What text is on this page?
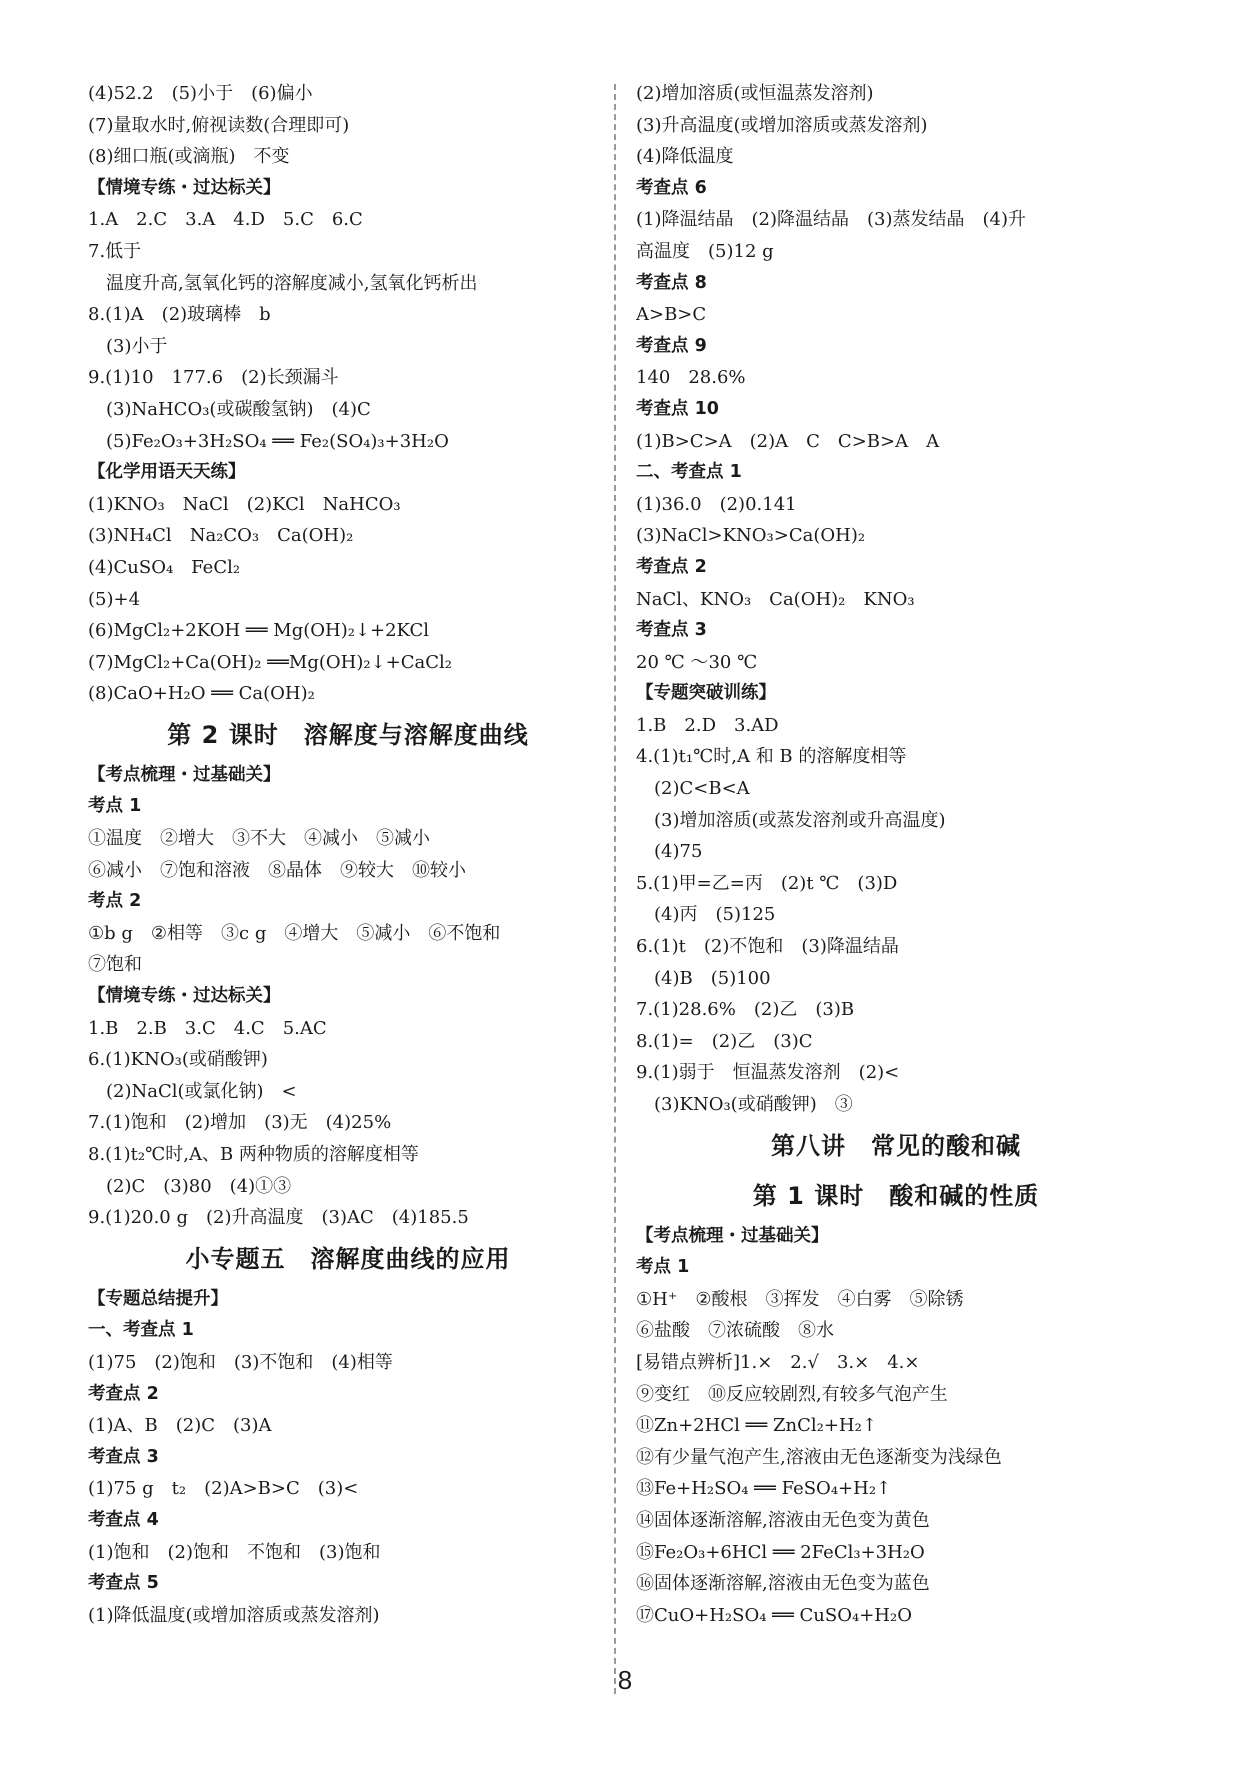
(4)52.2　(5)小于　(6)偏小
(7)量取水时,俯视读数(合理即可)
(8)细口瓶(或滴瓶)　不变
【情境专练・过达标关】
1.A　2.C　3.A　4.D　5.C　6.C
7.低于
温度升高,氢氧化钙的溶解度减小,氢氧化钙析出
8.(1)A　(2)玻璃棒　b
(3)小于
9.(1)10　177.6　(2)长颈漏斗
(3)NaHCO₃(或碳酸氢钠)　(4)C
(5)Fe₂O₃+3H₂SO₄ ══ Fe₂(SO₄)₃+3H₂O
【化学用语天天练】
(1)KNO₃　NaCl　(2)KCl　NaHCO₃
(3)NH₄Cl　Na₂CO₃　Ca(OH)₂
(4)CuSO₄　FeCl₂
(5)+4
(6)MgCl₂+2KOH ══ Mg(OH)₂↓+2KCl
(7)MgCl₂+Ca(OH)₂ ══Mg(OH)₂↓+CaCl₂
(8)CaO+H₂O ══ Ca(OH)₂
第 2 课时　溶解度与溶解度曲线
【考点梳理・过基础关】
考点 1
①温度　②增大　③不大　④减小　⑤减小
⑥减小　⑦饱和溶液　⑧晶体　⑨较大　⑩较小
考点 2
①b g　②相等　③c g　④增大　⑤减小　⑥不饱和
⑦饱和
【情境专练・过达标关】
1.B　2.B　3.C　4.C　5.AC
6.(1)KNO₃(或硝酸钾)
(2)NaCl(或氯化钠)　<
7.(1)饱和　(2)增加　(3)无　(4)25%
8.(1)t₂℃时,A、B 两种物质的溶解度相等
(2)C　(3)80　(4)①③
9.(1)20.0 g　(2)升高温度　(3)AC　(4)185.5
小专题五　溶解度曲线的应用
【专题总结提升】
一、考查点 1
(1)75　(2)饱和　(3)不饱和　(4)相等
考查点 2
(1)A、B　(2)C　(3)A
考查点 3
(1)75 g　t₂　(2)A>B>C　(3)<
考查点 4
(1)饱和　(2)饱和　不饱和　(3)饱和
考查点 5
(1)降低温度(或增加溶质或蒸发溶剂)
(2)增加溶质(或恒温蒸发溶剂)
(3)升高温度(或增加溶质或蒸发溶剂)
(4)降低温度
考查点 6
(1)降温结晶　(2)降温结晶　(3)蒸发结晶　(4)升
高温度　(5)12 g
考查点 8
A>B>C
考查点 9
140　28.6%
考查点 10
(1)B>C>A　(2)A　C　C>B>A　A
二、考查点 1
(1)36.0　(2)0.141
(3)NaCl>KNO₃>Ca(OH)₂
考查点 2
NaCl、KNO₃　Ca(OH)₂　KNO₃
考查点 3
20 ℃ ～30 ℃
【专题突破训练】
1.B　2.D　3.AD
4.(1)t₁℃时,A 和 B 的溶解度相等
(2)C<B<A
(3)增加溶质(或蒸发溶剂或升高温度)
(4)75
5.(1)甲=乙=丙　(2)t ℃　(3)D
(4)丙　(5)125
6.(1)t　(2)不饱和　(3)降温结晶
(4)B　(5)100
7.(1)28.6%　(2)乙　(3)B
8.(1)=　(2)乙　(3)C
9.(1)弱于　恒温蒸发溶剂　(2)<
(3)KNO₃(或硝酸钾)　③
第八讲　常见的酸和碱
第 1 课时　酸和碱的性质
【考点梳理・过基础关】
考点 1
①H⁺　②酸根　③挥发　④白雾　⑤除锈
⑥盐酸　⑦浓硫酸　⑧水
[易错点辨析]1.×　2.√　3.×　4.×
⑨变红　⑩反应较剧烈,有较多气泡产生
⑪Zn+2HCl ══ ZnCl₂+H₂↑
⑫有少量气泡产生,溶液由无色逐渐变为浅绿色
⑬Fe+H₂SO₄ ══ FeSO₄+H₂↑
⑭固体逐渐溶解,溶液由无色变为黄色
⑮Fe₂O₃+6HCl ══ 2FeCl₃+3H₂O
⑯固体逐渐溶解,溶液由无色变为蓝色
⑰CuO+H₂SO₄ ══ CuSO₄+H₂O
8
